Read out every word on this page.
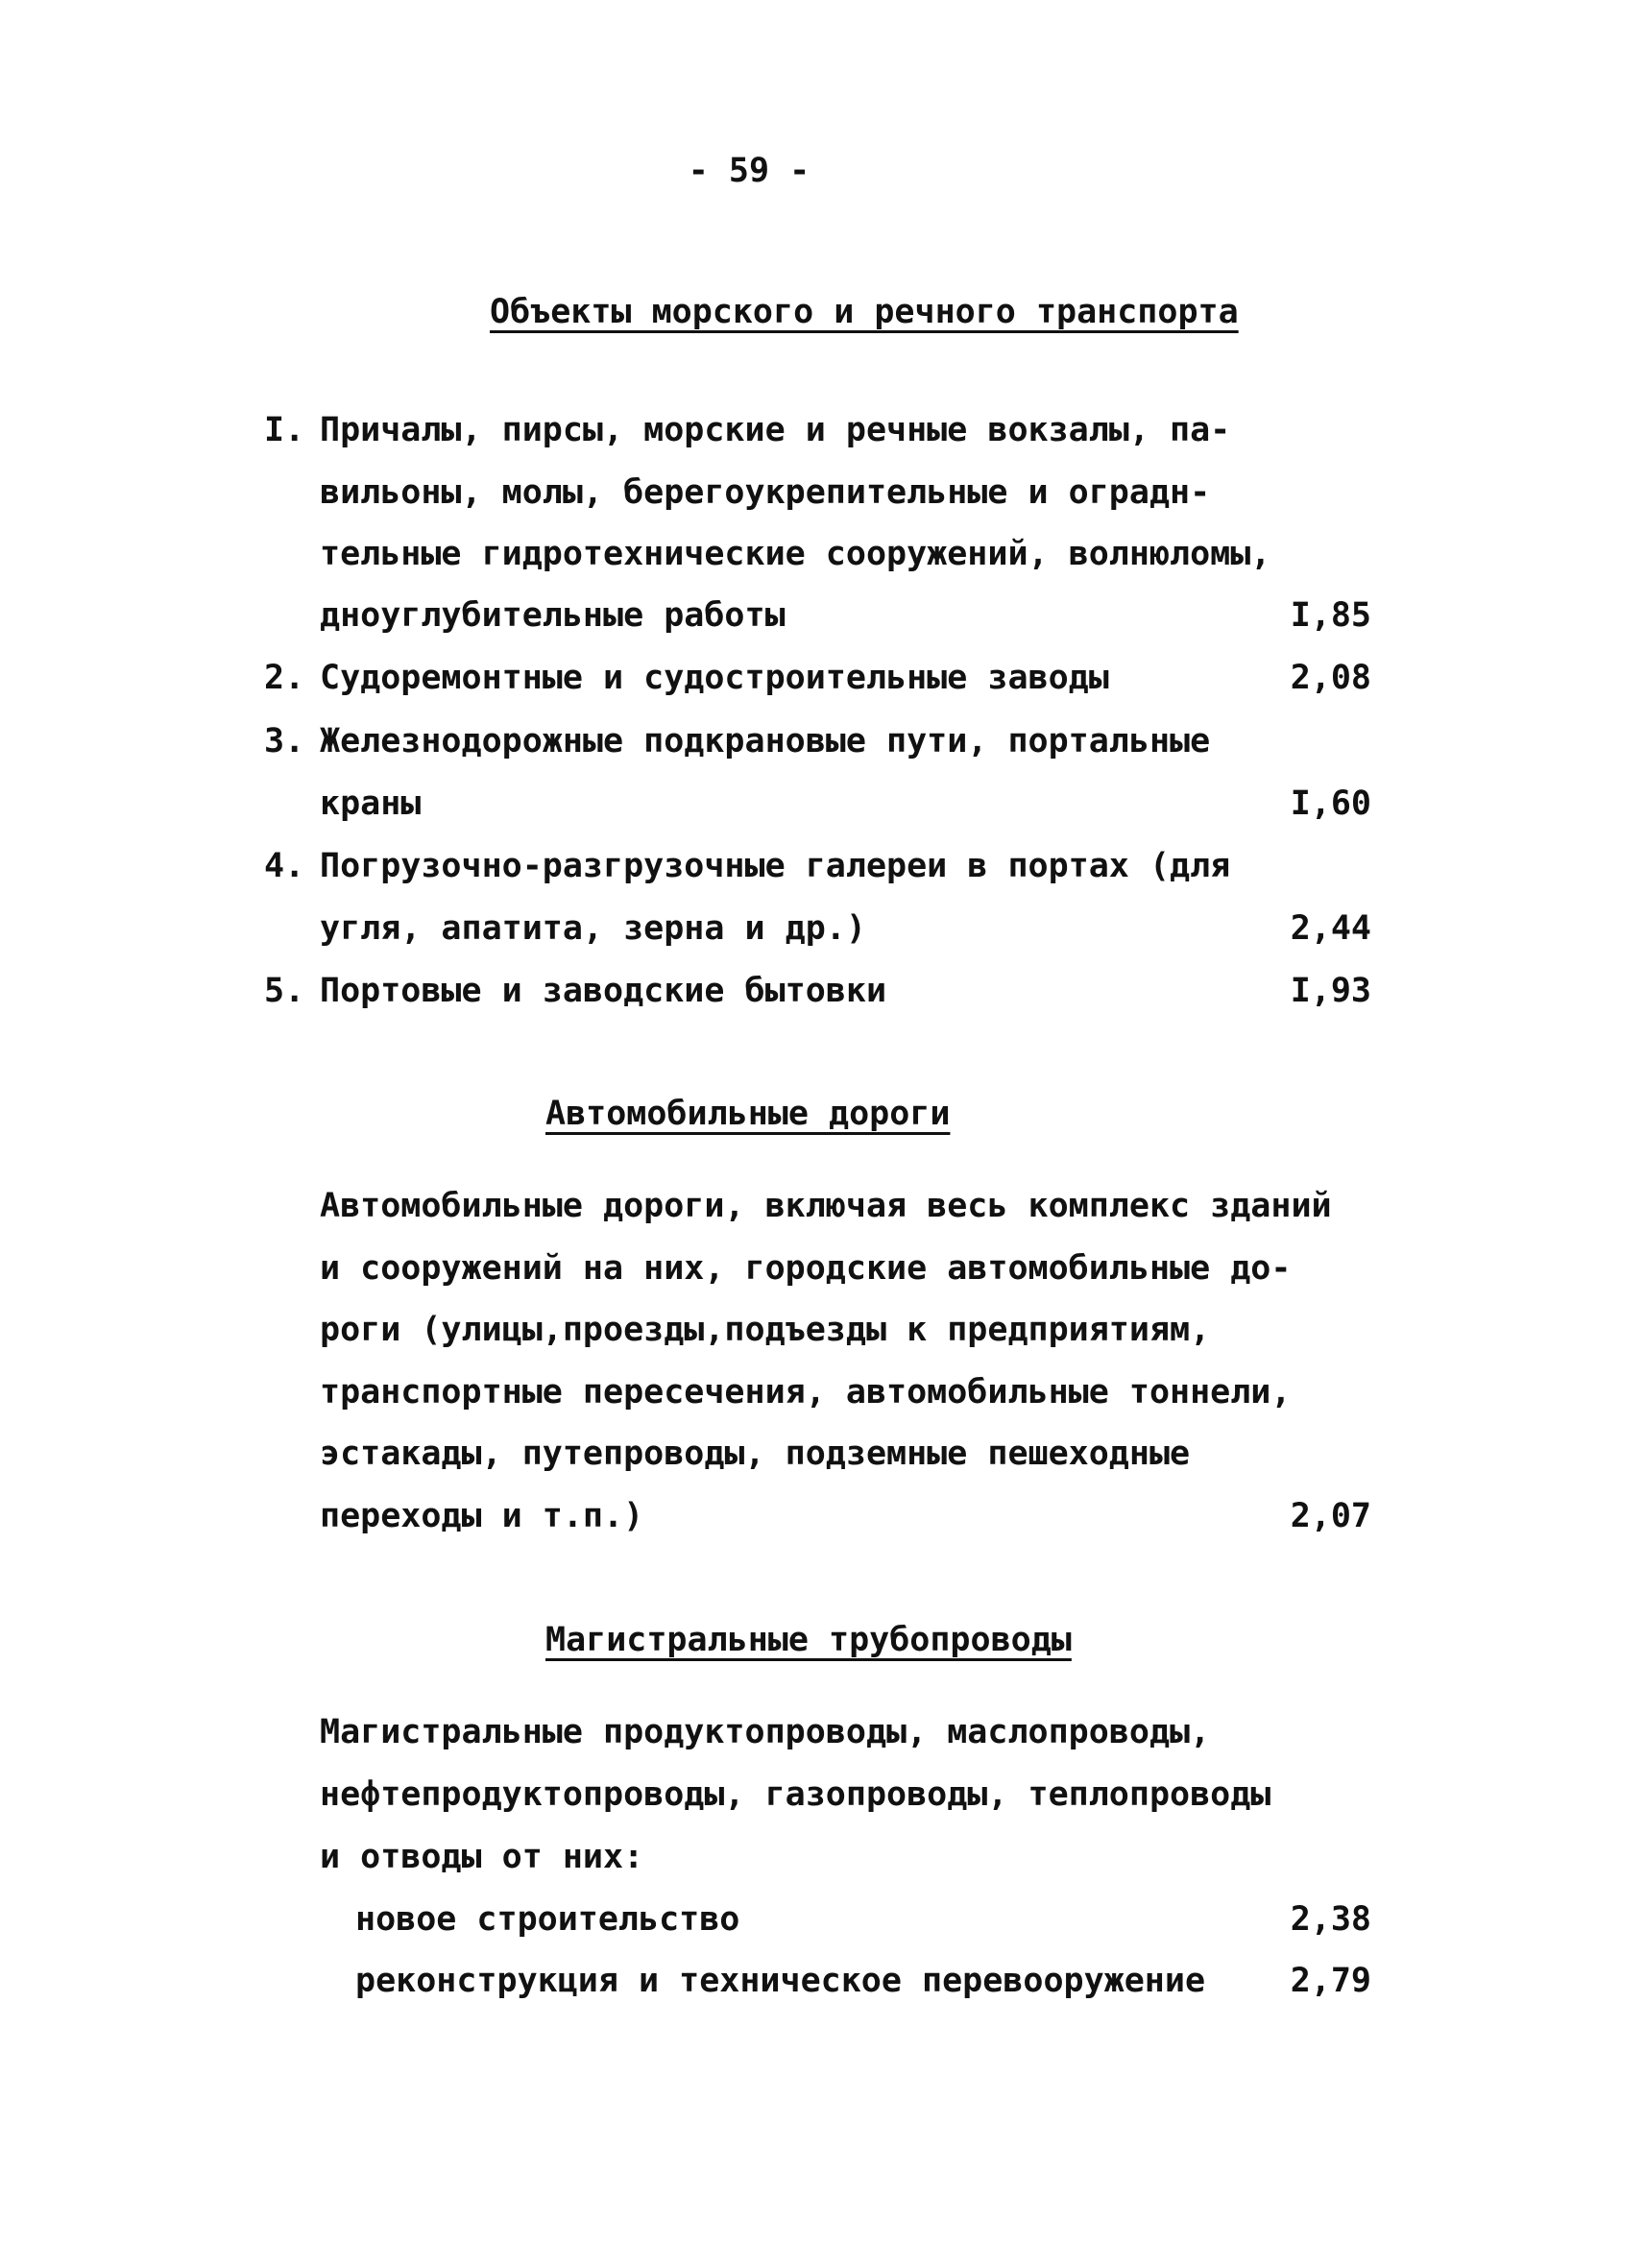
- 59 -
Объекты морского и речного транспорта
I. Причалы, пирсы, морские и речные вокзалы, па-
вильоны, молы, берегоукрепительные и оградн-
тельные гидротехнические сооружений, волнюломы,
дноуглубительные работы	I,85
2. Судоремонтные и судостроительные заводы	2,08
3. Железнодорожные подкрановые пути, портальные
краны	I,60
4. Погрузочно-разгрузочные галереи в портах (для
угля, апатита, зерна и др.)	2,44
5. Портовые и заводские бытовки	I,93
Автомобильные дороги
Автомобильные дороги, включая весь комплекс зданий
и сооружений на них, городские автомобильные до-
роги (улицы,проезды,подъезды к предприятиям,
транспортные пересечения, автомобильные тоннели,
эстакады, путепроводы, подземные пешеходные
переходы и т.п.)	2,07
Магистральные трубопроводы
Магистральные продуктопроводы, маслопроводы,
нефтепродуктопроводы, газопроводы, теплопроводы
и отводы от них:
новое строительство	2,38
реконструкция и техническое перевооружение	2,79
